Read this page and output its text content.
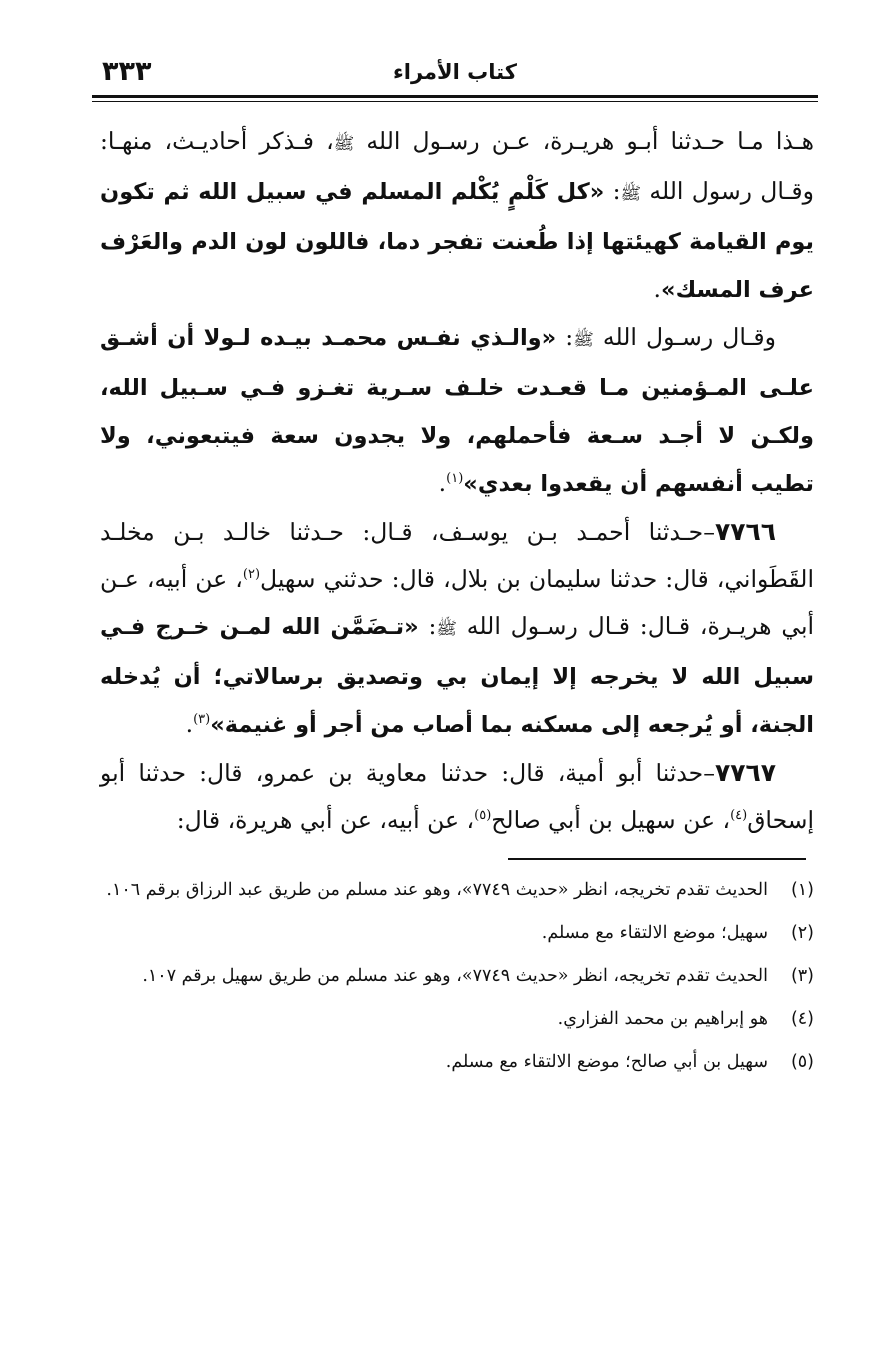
٣٣٣	كتاب الأمراء

هـذا مـا حـدثنا أبـو هريـرة، عـن رسـول الله ﷺ، فـذكر أحاديـث، منهـا: وقـال رسول الله ﷺ: «كل كَلْمٍ يُكْلم المسلم في سبيل الله ثم تكون يوم القيامة كهيئتها إذا طُعنت تفجر دما، فاللون لون الدم والعَرْف عرف المسك».

وقـال رسـول الله ﷺ: «والـذي نفـس محمـد بيـده لـولا أن أشـق علـى المـؤمنين مـا قعـدت خلـف سـرية تغـزو فـي سـبيل الله، ولكـن لا أجـد سـعة فأحملهم، ولا يجدون سعة فيتبعوني، ولا تطيب أنفسهم أن يقعدوا بعدي»$^{(١)}$.

٧٧٦٦–حـدثنا أحمـد بـن يوسـف، قـال: حـدثنا خالـد بـن مخلـد القَطَواني، قال: حدثنا سليمان بن بلال، قال: حدثني سهيل$^{(٢)}$، عن أبيه، عـن أبي هريـرة، قـال: قـال رسـول الله ﷺ: «تـضَمَّن الله لمـن خـرج فـي سبيل الله لا يخرجه إلا إيمان بي وتصديق برسالاتي؛ أن يُدخله الجنة، أو يُرجعه إلى مسكنه بما أصاب من أجر أو غنيمة»$^{(٣)}$.

٧٧٦٧–حدثنا أبو أمية، قال: حدثنا معاوية بن عمرو، قال: حدثنا أبو إسحاق$^{(٤)}$، عن سهيل بن أبي صالح$^{(٥)}$، عن أبيه، عن أبي هريرة، قال:

(١)
الحديث تقدم تخريجه، انظر «حديث ٧٧٤٩»، وهو عند مسلم من طريق عبد الرزاق برقم ١٠٦.
(٢)
سهيل؛ موضع الالتقاء مع مسلم.
(٣)
الحديث تقدم تخريجه، انظر «حديث ٧٧٤٩»، وهو عند مسلم من طريق سهيل برقم ١٠٧.
(٤)
هو إبراهيم بن محمد الفزاري.
(٥)
سهيل بن أبي صالح؛ موضع الالتقاء مع مسلم.
